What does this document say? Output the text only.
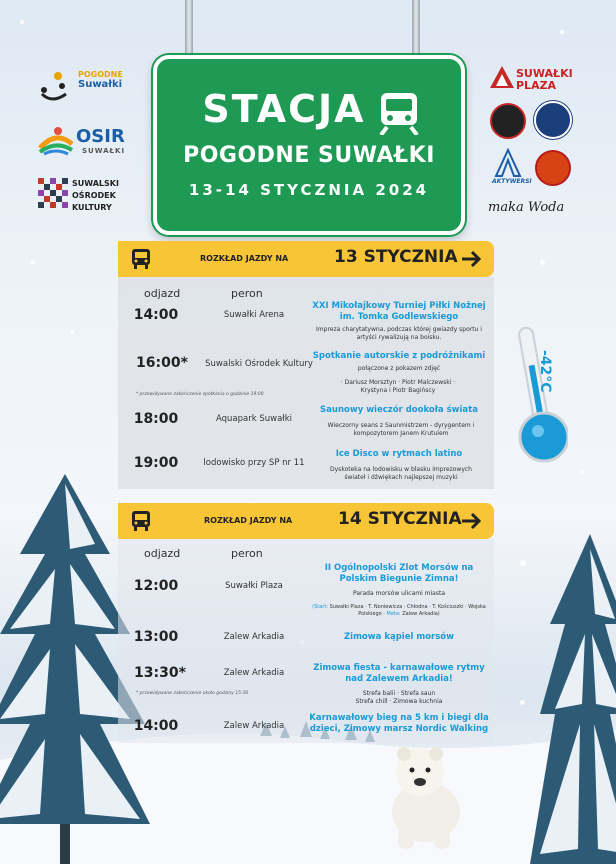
STACJA
POGODNE SUWAŁKI
13-14 STYCZNIA 2024
POGODNE
Suwałki
OSIR
SUWAŁKI
SUWALSKI
OŚRODEK
KULTURY
SUWAŁKI
PLAZA
AKTYWERSI
maka Woda
-42°C
ROZKŁAD JAZDY NA	13 STYCZNIA
odjazd	peron
14:00	Suwałki Arena
XXI Mikołajkowy Turniej Piłki Nożnej im. Tomka Godlewskiego
Impreza charytatywna, podczas której gwiazdy sportu i artyści rywalizują na boisku.
16:00*	Suwalski Ośrodek Kultury
Spotkanie autorskie z podróżnikami
połączone z pokazem zdjęć
· Dariusz Morsztyn · Piotr Malczewski · Krystyna i Piotr Bagińscy
* przewidywane zakończenie spotkania o godzinie 19:00
18:00	Aquapark Suwałki
Saunowy wieczór dookoła świata
Wieczorny seans z Saunmistrzem - dyrygentem i kompozytorem Janem Krutulem
19:00	lodowisko przy SP nr 11
Ice Disco w rytmach latino
Dyskoteka na lodowisku w blasku imprezowych świateł i dźwiękach najlepszej muzyki
ROZKŁAD JAZDY NA	14 STYCZNIA
odjazd	peron
12:00	Suwałki Plaza
II Ogólnopolski Zlot Morsów na Polskim Biegunie Zimna!
Parada morsów ulicami miasta
(Start: Suwałki Plaza · T. Noniewicza · Chłodna · T. Kościuszki · Wojska Polskiego · Meta: Zalew Arkadia)
13:00	Zalew Arkadia	Zimowa kąpiel morsów
13:30*	Zalew Arkadia	Zimowa fiesta - karnawałowe rytmy nad Zalewem Arkadia!
Strefa balii · Strefa saun
Strefa chill · Zimowa kuchnia
* przewidywane zakończenie około godziny 15:30
14:00	Zalew Arkadia
Karnawałowy bieg na 5 km i biegi dla dzieci, Zimowy marsz Nordic Walking
